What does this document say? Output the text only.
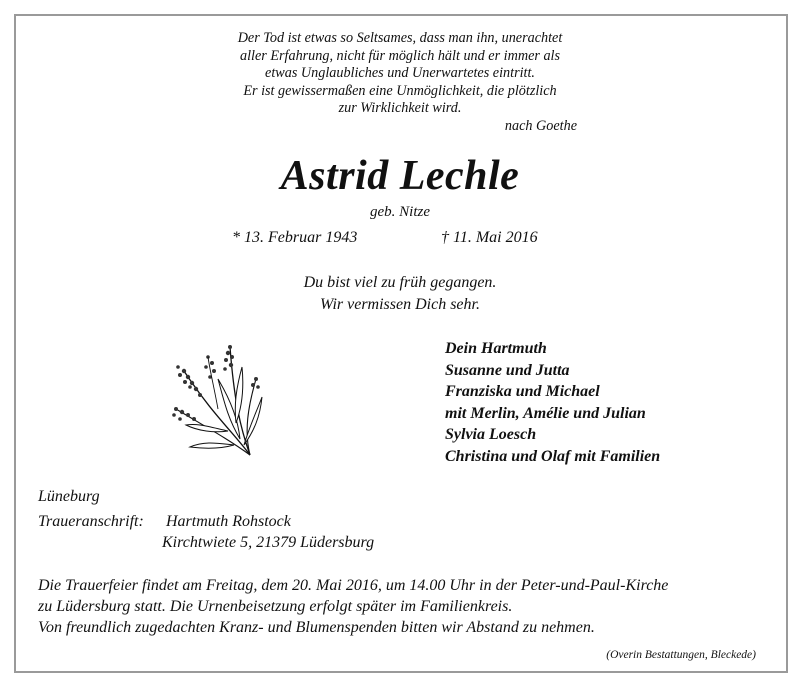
Der Tod ist etwas so Seltsames, dass man ihn, unerachtet
aller Erfahrung, nicht für möglich hält und er immer als
etwas Unglaubliches und Unerwartetes eintritt.
Er ist gewissermaßen eine Unmöglichkeit, die plötzlich
zur Wirklichkeit wird.
nach Goethe
Astrid Lechle
geb. Nitze
* 13. Februar 1943	† 11. Mai 2016
Du bist viel zu früh gegangen.
Wir vermissen Dich sehr.
Dein Hartmuth
Susanne und Jutta
Franziska und Michael
mit Merlin, Amélie und Julian
Sylvia Loesch
Christina und Olaf mit Familien
Lüneburg
Traueranschrift: Hartmuth Rohstock
Kirchtwiete 5, 21379 Lüdersburg
Die Trauerfeier findet am Freitag, dem 20. Mai 2016, um 14.00 Uhr in der Peter-und-Paul-Kirche
zu Lüdersburg statt. Die Urnenbeisetzung erfolgt später im Familienkreis.
Von freundlich zugedachten Kranz- und Blumenspenden bitten wir Abstand zu nehmen.
(Overin Bestattungen, Bleckede)
